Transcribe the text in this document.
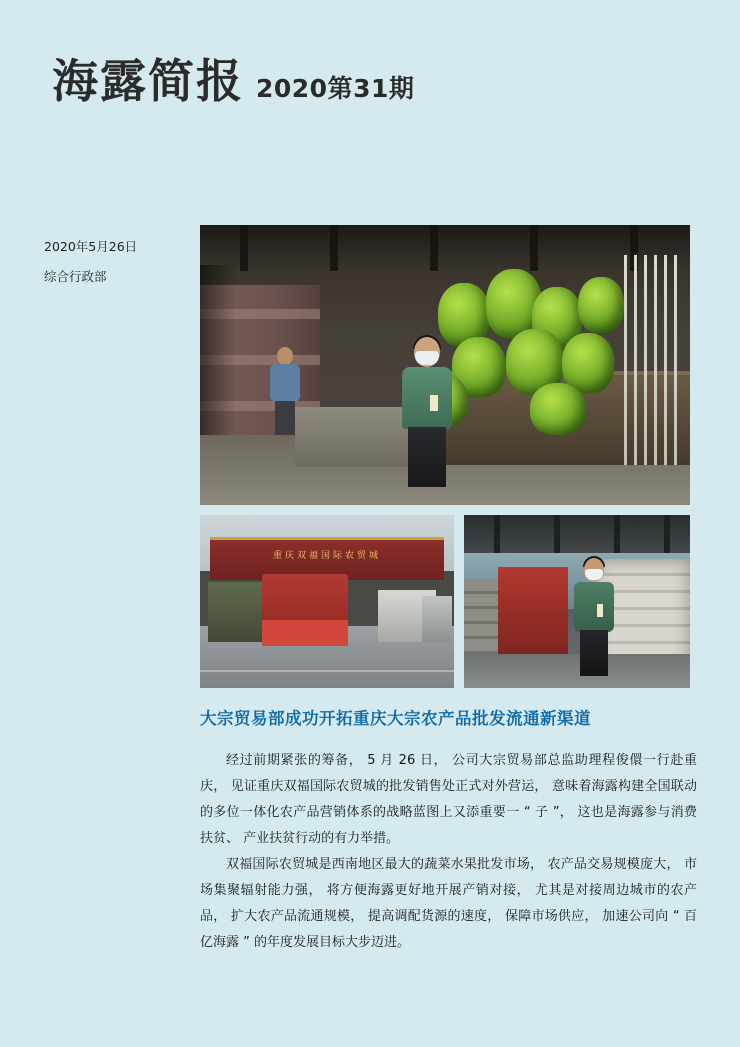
海露简报 2020第31期
2020年5月26日
综合行政部
重庆双福国际农贸城
大宗贸易部成功开拓重庆大宗农产品批发流通新渠道

经过前期紧张的筹备， 5 月 26 日， 公司大宗贸易部总监助理程俊儇一行赴重庆， 见证重庆双福国际农贸城的批发销售处正式对外营运， 意味着海露构建全国联动的多位一体化农产品营销体系的战略蓝图上又添重要一 “ 子 ”， 这也是海露参与消费扶贫、 产业扶贫行动的有力举措。

双福国际农贸城是西南地区最大的蔬菜水果批发市场， 农产品交易规模庞大， 市场集聚辐射能力强， 将方便海露更好地开展产销对接， 尤其是对接周边城市的农产品， 扩大农产品流通规模， 提高调配货源的速度， 保障市场供应， 加速公司向 “ 百亿海露 ” 的年度发展目标大步迈进。
